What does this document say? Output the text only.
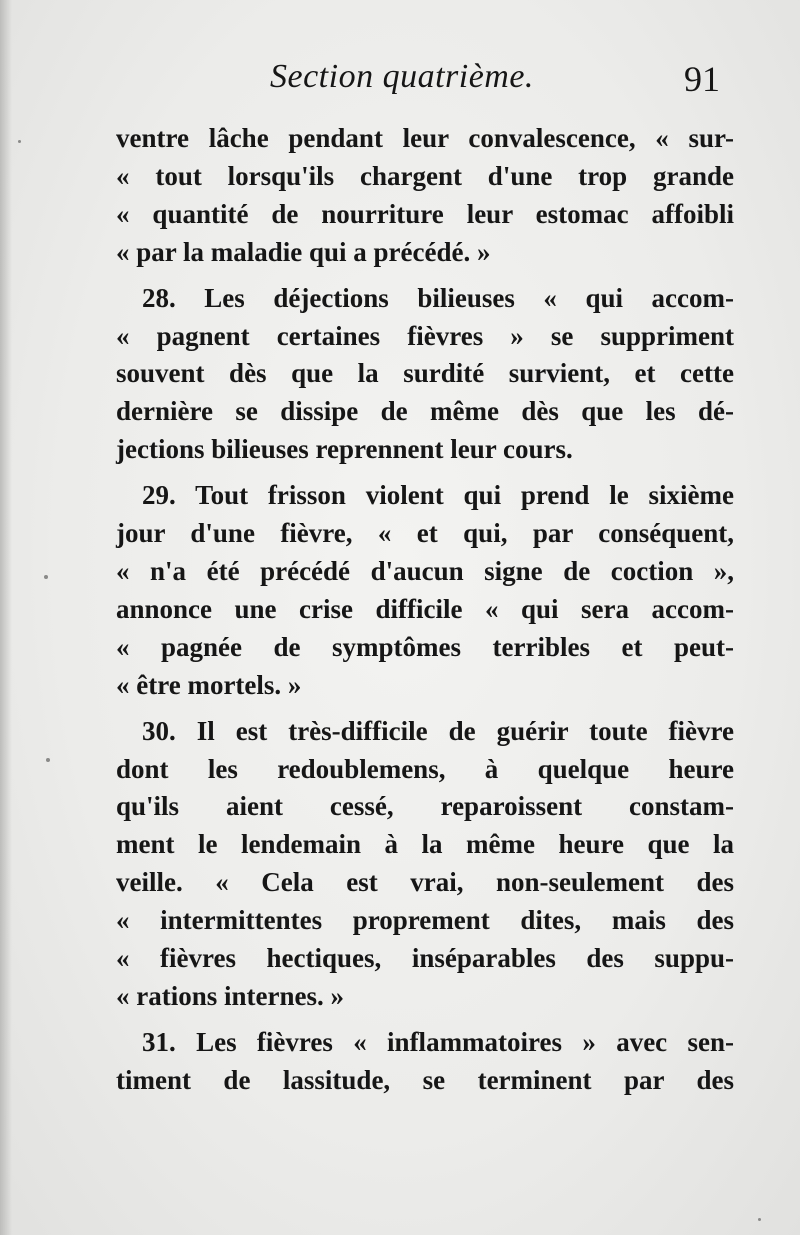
Section quatrième.	91
ventre lâche pendant leur convalescence, « sur-
« tout lorsqu'ils chargent d'une trop grande
« quantité de nourriture leur estomac affoibli
« par la maladie qui a précédé. »
28. Les déjections bilieuses « qui accom-
« pagnent certaines fièvres » se suppriment
souvent dès que la surdité survient, et cette
dernière se dissipe de même dès que les dé-
jections bilieuses reprennent leur cours.
29. Tout frisson violent qui prend le sixième
jour d'une fièvre, « et qui, par conséquent,
« n'a été précédé d'aucun signe de coction »,
annonce une crise difficile « qui sera accom-
« pagnée de symptômes terribles et peut-
« être mortels. »
30. Il est très-difficile de guérir toute fièvre
dont les redoublemens, à quelque heure
qu'ils aient cessé, reparoissent constam-
ment le lendemain à la même heure que la
veille. « Cela est vrai, non-seulement des
« intermittentes proprement dites, mais des
« fièvres hectiques, inséparables des suppu-
« rations internes. »
31. Les fièvres « inflammatoires » avec sen-
timent de lassitude, se terminent par des
